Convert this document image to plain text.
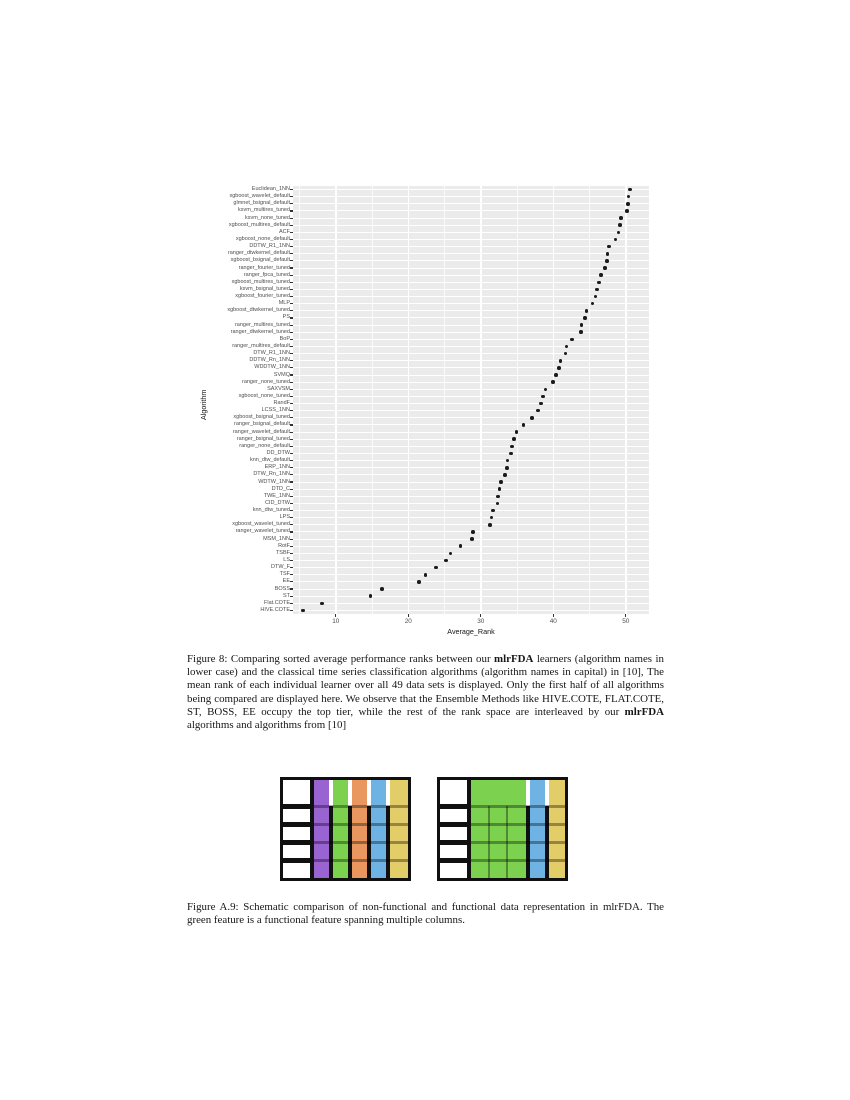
Euclidean_1NN
xgboost_wavelet_default
glmnet_bsignal_default
ksvm_multires_tuned
ksvm_none_tuned
xgboost_multires_default
ACF
xgboost_none_default
DDTW_R1_1NN
ranger_dtwkernel_default
xgboost_bsignal_default
ranger_fourier_tuned
ranger_fpca_tuned
xgboost_multires_tuned
ksvm_bsignal_tuned
xgboost_fourier_tuned
MLP
xgboost_dtwkernel_tuned
PS
ranger_multires_tuned
ranger_dtwkernel_tuned
BoP
ranger_multires_default
DTW_R1_1NN
DDTW_Rn_1NN
WDDTW_1NN
SVMQ
ranger_none_tuned
SAXVSM
xgboost_none_tuned
RandF
LCSS_1NN
xgboost_bsignal_tuned
ranger_bsignal_default
ranger_wavelet_default
ranger_bsignal_tuned
ranger_none_default
DD_DTW
knn_dtw_default
ERP_1NN
DTW_Rn_1NN
WDTW_1NN
DTD_C
TWE_1NN
CID_DTW
knn_dtw_tuned
LPS
xgboost_wavelet_tuned
ranger_wavelet_tuned
MSM_1NN
RotF
TSBF
LS
DTW_F
TSF
EE
BOSS
ST
Flat.COTE
HIVE.COTE
10	20	30	40	50
Average_Rank
Algorithm

Figure 8: Comparing sorted average performance ranks between our mlrFDA learners (algorithm names in lower case) and the classical time series classification algorithms (algorithm names in capital) in [10], The mean rank of each individual learner over all 49 data sets is displayed. Only the first half of all algorithms being compared are displayed here. We observe that the Ensemble Methods like HIVE.COTE, FLAT.COTE, ST, BOSS, EE occupy the top tier, while the rest of the rank space are interleaved by our mlrFDA algorithms and algorithms from [10]

Figure A.9: Schematic comparison of non-functional and functional data representation in mlrFDA. The green feature is a functional feature spanning multiple columns.
